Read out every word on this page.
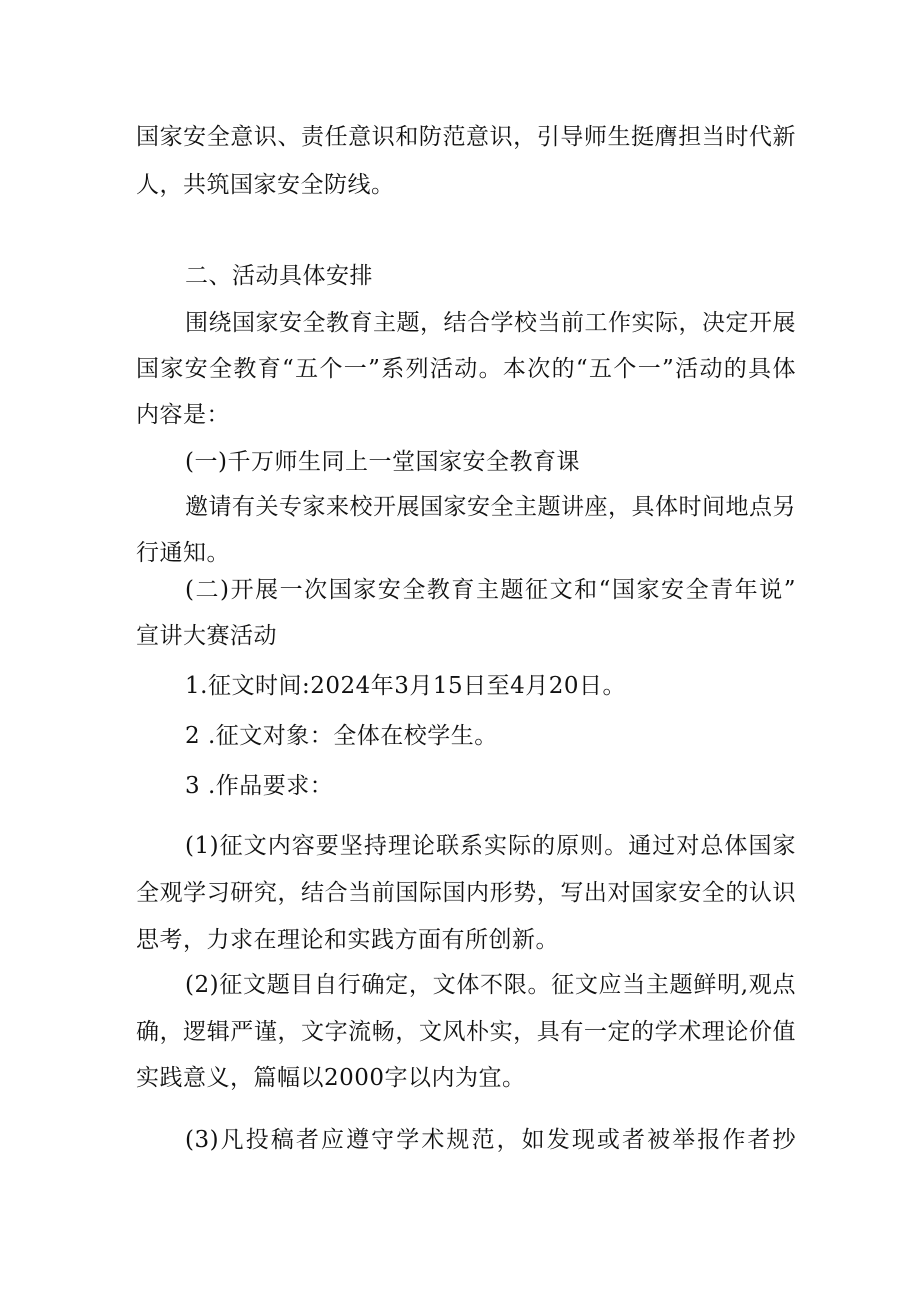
国家安全意识、责任意识和防范意识，引导师生挺膺担当时代新
人，共筑国家安全防线。
二、活动具体安排
围绕国家安全教育主题，结合学校当前工作实际，决定开展
国家安全教育“五个一”系列活动。本次的“五个一”活动的具体
内容是：
(一)千万师生同上一堂国家安全教育课
邀请有关专家来校开展国家安全主题讲座，具体时间地点另
行通知。
(二)开展一次国家安全教育主题征文和“国家安全青年说”
宣讲大赛活动
1.征文时间:2024年3月15日至4月20日。
2 .征文对象：全体在校学生。
3 .作品要求：
(1)征文内容要坚持理论联系实际的原则。通过对总体国家
全观学习研究，结合当前国际国内形势，写出对国家安全的认识
思考，力求在理论和实践方面有所创新。
(2)征文题目自行确定，文体不限。征文应当主题鲜明,观点
确，逻辑严谨，文字流畅，文风朴实，具有一定的学术理论价值
实践意义，篇幅以2000字以内为宜。
(3)凡投稿者应遵守学术规范，如发现或者被举报作者抄
